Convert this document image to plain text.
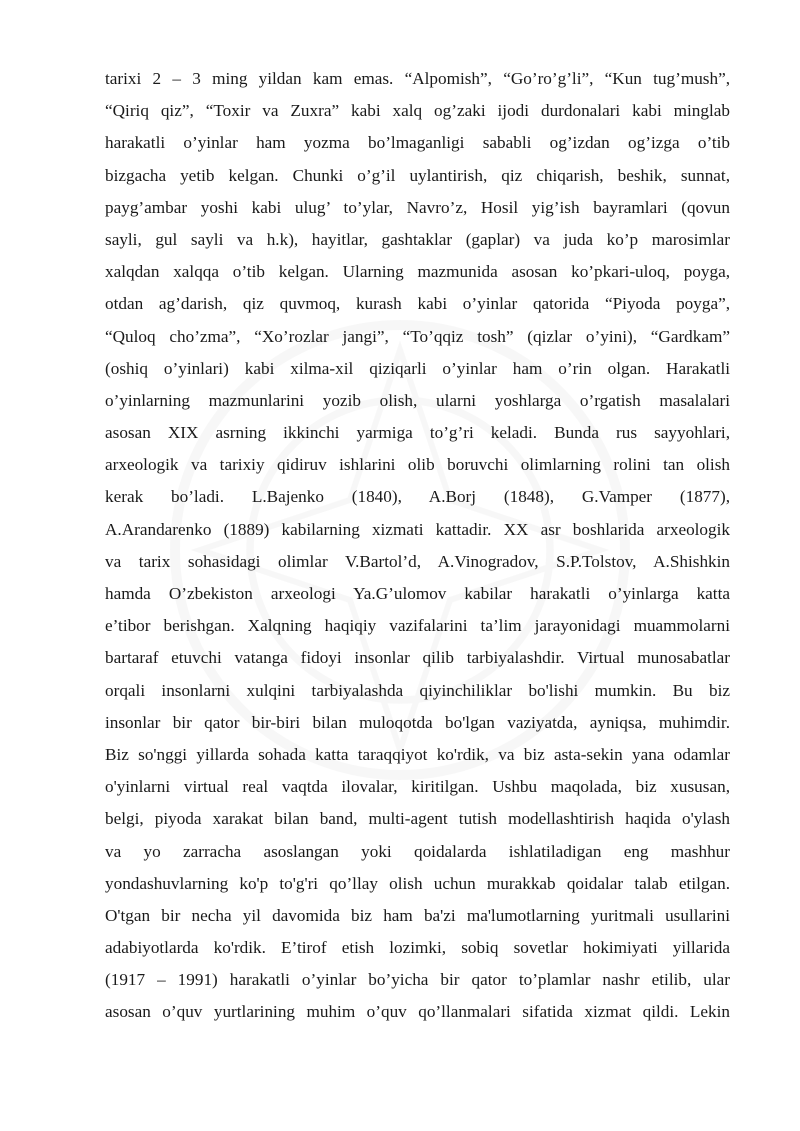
tarixi 2 – 3 ming yildan kam emas. “Alpomish”, “Go’ro’g’li”, “Kun tug’mush”,
“Qiriq qiz”, “Toxir va Zuxra” kabi xalq og’zaki ijodi durdonalari kabi minglab
harakatli o’yinlar ham yozma bo’lmaganligi sababli og’izdan og’izga o’tib
bizgacha yetib kelgan. Chunki o’g’il uylantirish, qiz chiqarish, beshik, sunnat,
payg’ambar yoshi kabi ulug’ to’ylar, Navro’z, Hosil yig’ish bayramlari (qovun
sayli, gul sayli va h.k), hayitlar, gashtaklar (gaplar) va juda ko’p marosimlar
xalqdan xalqqa o’tib kelgan. Ularning mazmunida asosan ko’pkari-uloq, poyga,
otdan ag’darish, qiz quvmoq, kurash kabi o’yinlar qatorida “Piyoda poyga”,
“Quloq cho’zma”, “Xo’rozlar jangi”, “To’qqiz tosh” (qizlar o’yini), “Gardkam”
(oshiq o’yinlari) kabi xilma-xil qiziqarli o’yinlar ham o’rin olgan. Harakatli
o’yinlarning mazmunlarini yozib olish, ularni yoshlarga o’rgatish masalalari
asosan XIX asrning ikkinchi yarmiga to’g’ri keladi. Bunda rus sayyohlari,
arxeologik va tarixiy qidiruv ishlarini olib boruvchi olimlarning rolini tan olish
kerak bo’ladi. L.Bajenko (1840), A.Borj (1848), G.Vamper (1877),
A.Arandarenko (1889) kabilarning xizmati kattadir. XX asr boshlarida arxeologik
va tarix sohasidagi olimlar V.Bartol’d, A.Vinogradov, S.P.Tolstov, A.Shishkin
hamda O’zbekiston arxeologi Ya.G’ulomov kabilar harakatli o’yinlarga katta
e’tibor berishgan. Xalqning haqiqiy vazifalarini ta’lim jarayonidagi muammolarni
bartaraf etuvchi vatanga fidoyi insonlar qilib tarbiyalashdir. Virtual munosabatlar
orqali insonlarni xulqini tarbiyalashda qiyinchiliklar bo'lishi mumkin. Bu biz
insonlar bir qator bir-biri bilan muloqotda bo'lgan vaziyatda, ayniqsa, muhimdir.
Biz so'nggi yillarda sohada katta taraqqiyot ko'rdik, va biz asta-sekin yana odamlar
o'yinlarni virtual real vaqtda ilovalar, kiritilgan. Ushbu maqolada, biz xususan,
belgi, piyoda xarakat bilan band, multi-agent tutish modellashtirish haqida o'ylash
va yo zarracha asoslangan yoki qoidalarda ishlatiladigan eng mashhur
yondashuvlarning ko'p to'g'ri qo’llay olish uchun murakkab qoidalar talab etilgan.
O'tgan bir necha yil davomida biz ham ba'zi ma'lumotlarning yuritmali usullarini
adabiyotlarda ko'rdik. E’tirof etish lozimki, sobiq sovetlar hokimiyati yillarida
(1917 – 1991) harakatli o’yinlar bo’yicha bir qator to’plamlar nashr etilib, ular
asosan o’quv yurtlarining muhim o’quv qo’llanmalari sifatida xizmat qildi. Lekin
